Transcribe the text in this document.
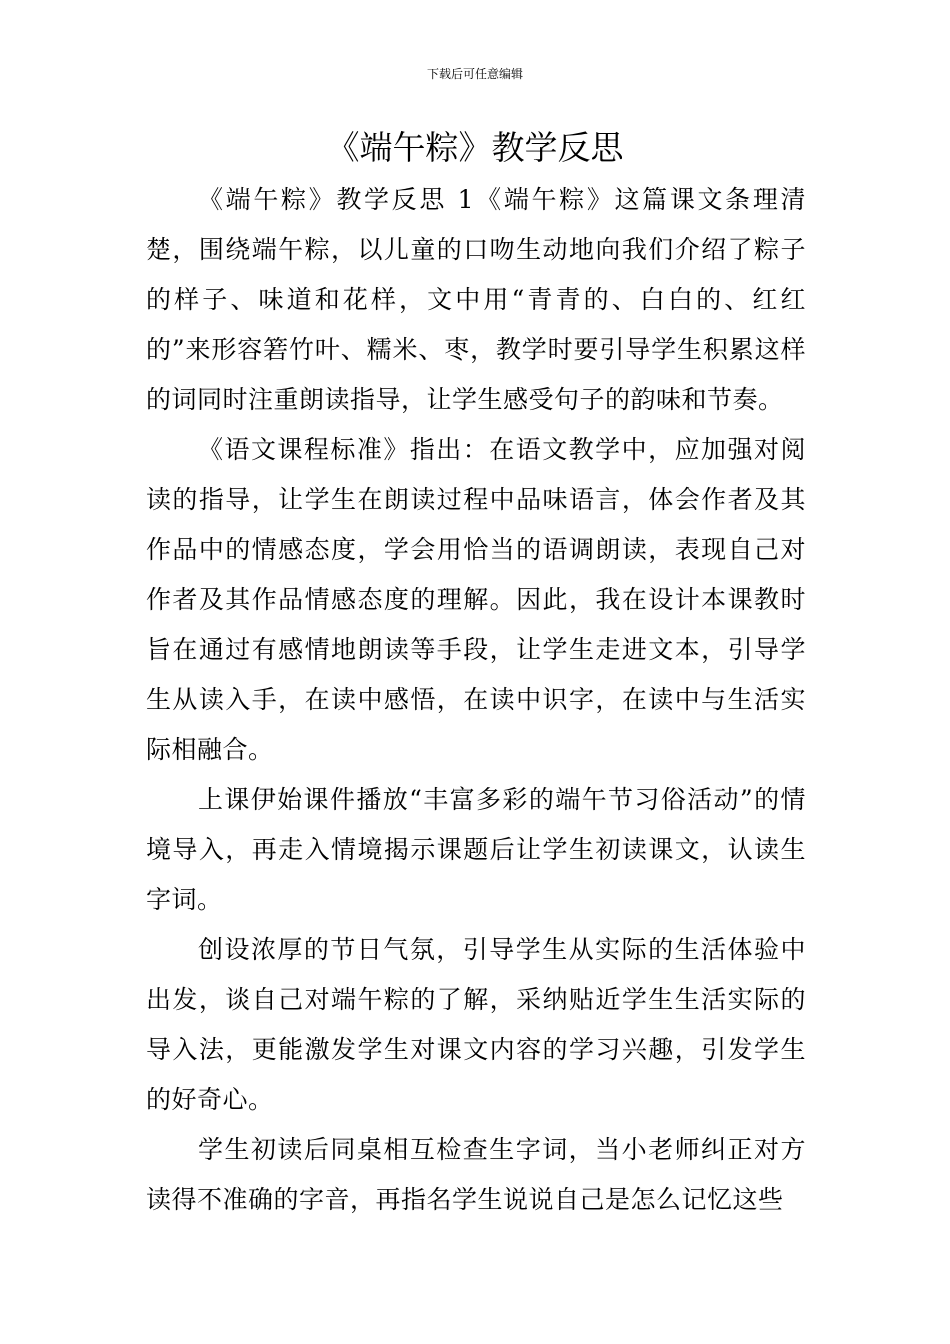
下载后可任意编辑
《端午粽》教学反思

《端午粽》教学反思 1《端午粽》这篇课文条理清楚，围绕端午粽，以儿童的口吻生动地向我们介绍了粽子的样子、味道和花样，文中用“青青的、白白的、红红的”来形容箬竹叶、糯米、枣，教学时要引导学生积累这样的词同时注重朗读指导，让学生感受句子的韵味和节奏。

《语文课程标准》指出：在语文教学中，应加强对阅读的指导，让学生在朗读过程中品味语言，体会作者及其作品中的情感态度，学会用恰当的语调朗读，表现自己对作者及其作品情感态度的理解。因此，我在设计本课教时旨在通过有感情地朗读等手段，让学生走进文本，引导学生从读入手，在读中感悟，在读中识字，在读中与生活实际相融合。

上课伊始课件播放“丰富多彩的端午节习俗活动”的情境导入，再走入情境揭示课题后让学生初读课文，认读生字词。

创设浓厚的节日气氛，引导学生从实际的生活体验中出发，谈自己对端午粽的了解，采纳贴近学生生活实际的导入法，更能激发学生对课文内容的学习兴趣，引发学生的好奇心。

学生初读后同桌相互检查生字词，当小老师纠正对方读得不准确的字音，再指名学生说说自己是怎么记忆这些
